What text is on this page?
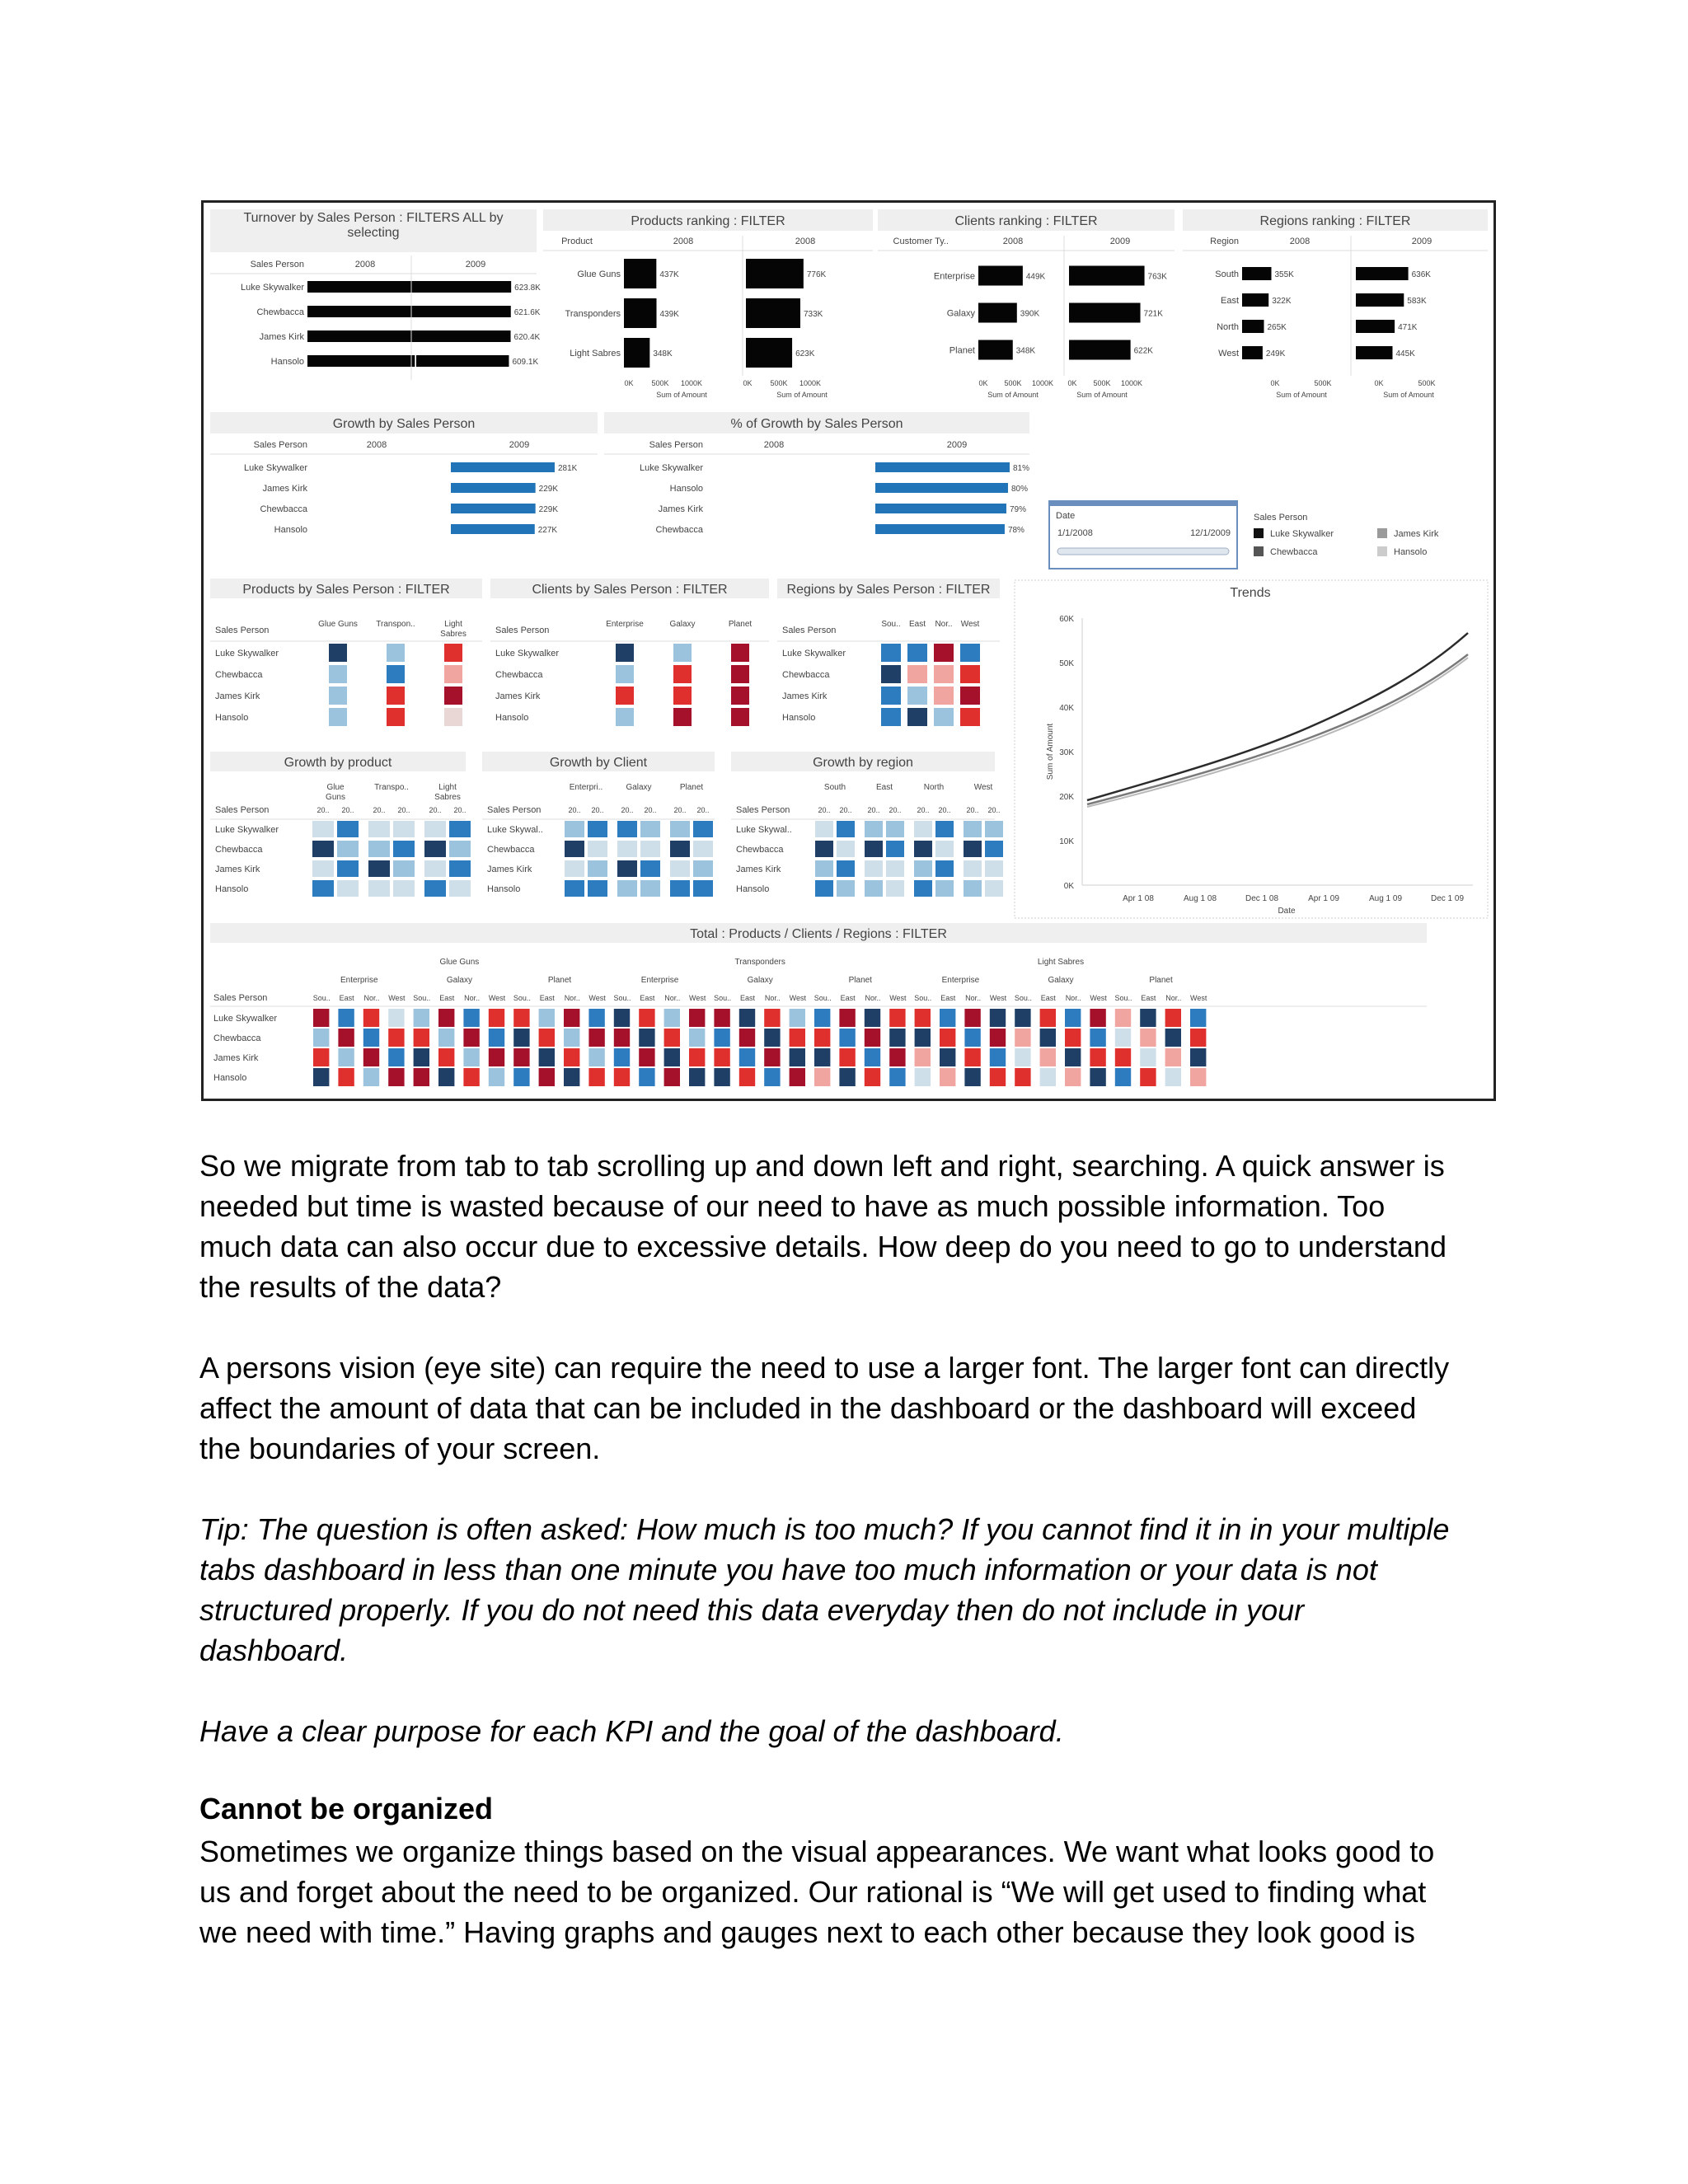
Turnover by Sales Person : FILTERS ALL by
selecting
Sales Person	2008	2009
Luke Skywalker	623.8K
Chewbacca	621.6K
James Kirk	620.4K
Hansolo	609.1K
Products ranking : FILTER
Product	2008	2008
Glue Guns	437K	776K
Transponders	439K	733K
Light Sabres	348K	623K
0K	0K
500K	500K
1000K	1000K
Sum of Amount	Sum of Amount
Clients ranking : FILTER
Customer Ty..	2008	2009
Enterprise	449K	763K
Galaxy	390K	721K
Planet	348K	622K
0K	0K
500K	500K
1000K	1000K
Sum of Amount	Sum of Amount
Regions ranking : FILTER
Region	2008	2009
South	355K	636K
East	322K	583K
North	265K	471K
West	249K	445K
0K	0K
500K	500K
Sum of Amount	Sum of Amount
Growth by Sales Person
Sales Person	2008	2009
Luke Skywalker	281K
James Kirk	229K
Chewbacca	229K
Hansolo	227K
% of Growth by Sales Person
Sales Person	2008	2009
Luke Skywalker	81%
Hansolo	80%
James Kirk	79%
Chewbacca	78%
Date
1/1/2008	12/1/2009
Sales Person
Luke Skywalker	James Kirk
Chewbacca	Hansolo
Products by Sales Person : FILTER
Sales Person
Glue Guns Transpon..	Light
Sabres
Luke Skywalker
Chewbacca
James Kirk
Hansolo
Clients by Sales Person : FILTER
Sales Person
Enterprise	Galaxy	Planet
Luke Skywalker
Chewbacca
James Kirk
Hansolo
Regions by Sales Person : FILTER
Sales Person
Sou.. East Nor.. West
Luke Skywalker
Chewbacca
James Kirk
Hansolo
Growth by product
Glue
Guns
20.. 20..
Transpo..
20.. 20..
Light
Sabres
20.. 20..
Sales Person
Luke Skywalker
Chewbacca
James Kirk
Hansolo
Growth by Client
Enterpri..
20.. 20..
Galaxy
20.. 20..
Planet
20.. 20..
Sales Person
Luke Skywal..
Chewbacca
James Kirk
Hansolo
Growth by region
South
20.. 20..
East
20.. 20..
North
20.. 20..
West
20.. 20..
Sales Person
Luke Skywal..
Chewbacca
James Kirk
Hansolo
Trends
0K
10K
20K
30K
40K
50K
60K
Apr 1 08	Aug 1 08	Dec 1 08	Apr 1 09	Aug 1 09	Dec 1 09
Date
Sum of Amount
Total : Products / Clients / Regions : FILTER
Glue Guns
Enterprise
Sou.. East Nor.. West
Galaxy
Sou.. East Nor.. West
Planet
Sou.. East Nor.. West
Transponders
Enterprise
Sou.. East Nor.. West
Galaxy
Sou.. East Nor.. West
Planet
Sou.. East Nor.. West
Light Sabres
Enterprise
Sou.. East Nor.. West
Galaxy
Sou.. East Nor.. West
Planet
Sou.. East Nor.. West
Sales Person
Luke Skywalker
Chewbacca
James Kirk
Hansolo
So we migrate from tab to tab scrolling up and down left and right, searching. A quick answer is
needed but time is wasted because of our need to have as much possible information. Too
much data can also occur due to excessive details. How deep do you need to go to understand
the results of the data?
A persons vision (eye site) can require the need to use a larger font. The larger font can directly
affect the amount of data that can be included in the dashboard or the dashboard will exceed
the boundaries of your screen.
Tip: The question is often asked: How much is too much? If you cannot find it in in your multiple
tabs dashboard in less than one minute you have too much information or your data is not
structured properly. If you do not need this data everyday then do not include in your
dashboard.
Have a clear purpose for each KPI and the goal of the dashboard.
Cannot be organized
Sometimes we organize things based on the visual appearances. We want what looks good to
us and forget about the need to be organized. Our rational is “We will get used to finding what
we need with time.” Having graphs and gauges next to each other because they look good is
